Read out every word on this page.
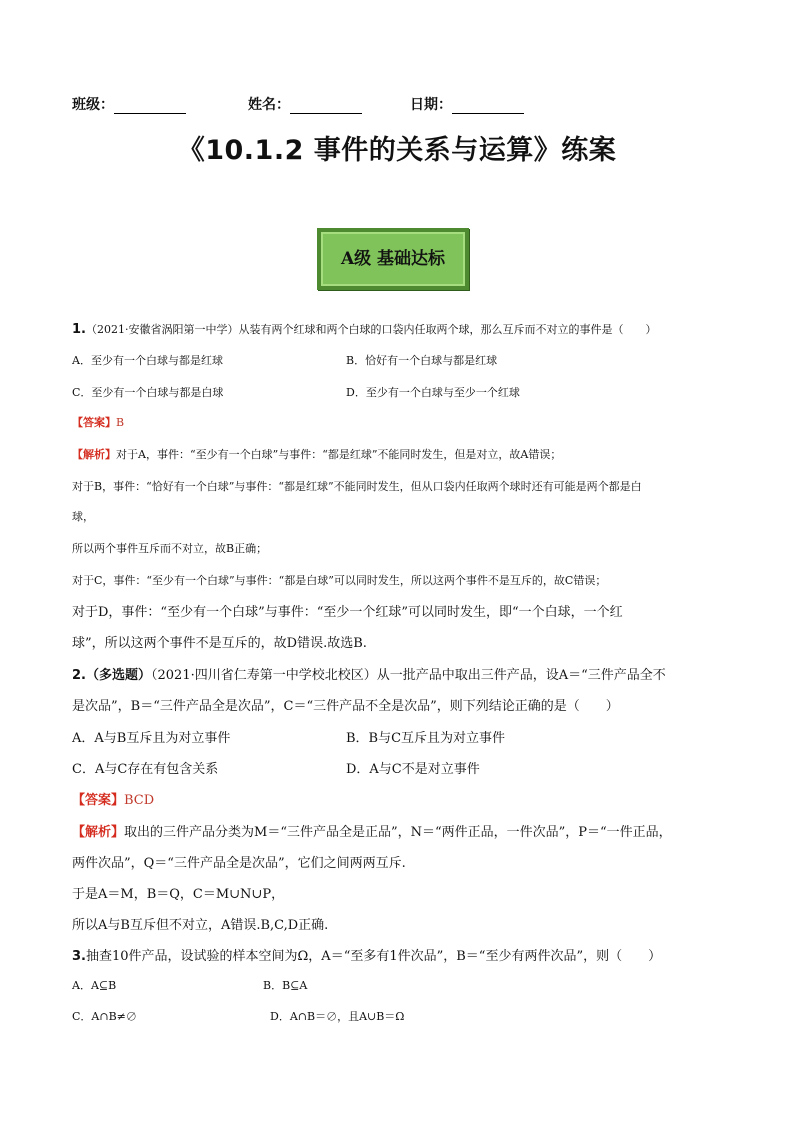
班级：	姓名：	日期：
《10.1.2 事件的关系与运算》练案
A级 基础达标
1.（2021·安徽省涡阳第一中学）从装有两个红球和两个白球的口袋内任取两个球，那么互斥而不对立的事件是（　　）
A．至少有一个白球与都是红球	B．恰好有一个白球与都是红球
C．至少有一个白球与都是白球	D．至少有一个白球与至少一个红球
【答案】B
【解析】对于A，事件：“至少有一个白球”与事件：“都是红球”不能同时发生，但是对立，故A错误；
对于B，事件：“恰好有一个白球”与事件：“都是红球”不能同时发生，但从口袋内任取两个球时还有可能是两个都是白
球，
所以两个事件互斥而不对立，故B正确；
对于C，事件：“至少有一个白球”与事件：“都是白球”可以同时发生，所以这两个事件不是互斥的，故C错误；
对于D，事件：“至少有一个白球”与事件：“至少一个红球”可以同时发生，即“一个白球，一个红
球”，所以这两个事件不是互斥的，故D错误.故选B.
2.（多选题）（2021·四川省仁寿第一中学校北校区）从一批产品中取出三件产品，设A＝“三件产品全不
是次品”，B＝“三件产品全是次品”，C＝“三件产品不全是次品”，则下列结论正确的是（　　）
A．A与B互斥且为对立事件	B．B与C互斥且为对立事件
C．A与C存在有包含关系	D．A与C不是对立事件
【答案】BCD
【解析】取出的三件产品分类为M＝“三件产品全是正品”，N＝“两件正品，一件次品”，P＝“一件正品，
两件次品”，Q＝“三件产品全是次品”，它们之间两两互斥.
于是A＝M，B＝Q，C＝M∪N∪P，
所以A与B互斥但不对立，A错误.B,C,D正确.
3.抽查10件产品，设试验的样本空间为Ω，A＝“至多有1件次品”，B＝“至少有两件次品”，则（　　）
A．A⊆B	B．B⊆A
C．A∩B≠∅	D．A∩B＝∅，且A∪B＝Ω
